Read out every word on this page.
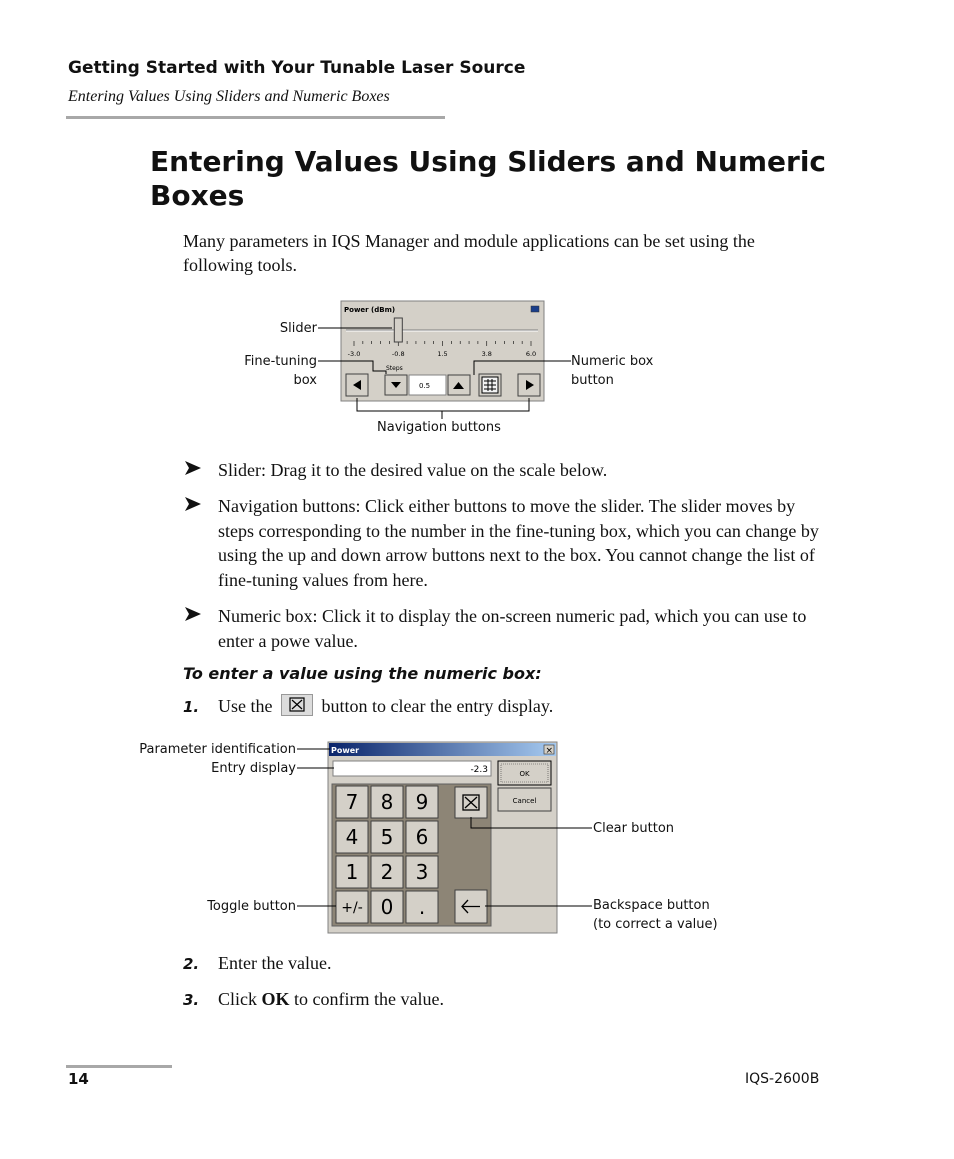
Getting Started with Your Tunable Laser Source
Entering Values Using Sliders and Numeric Boxes
Entering Values Using Sliders and Numeric Boxes
Many parameters in IQS Manager and module applications can be set using the following tools.
Power (dBm)
-3.0	-0.8	1.5	3.8	6.0
Steps
0.5
Slider
Fine-tuning
box
Numeric box
button
Navigation buttons
Slider: Drag it to the desired value on the scale below.
Navigation buttons: Click either buttons to move the slider. The slider moves by steps corresponding to the number in the fine-tuning box, which you can change by using the up and down arrow buttons next to the box. You cannot change the list of fine-tuning values from here.
Numeric box: Click it to display the on-screen numeric pad, which you can use to enter a powe value.
To enter a value using the numeric box:
1. Use the	button to clear the entry display.
Power	×
-2.3	OK
Cancel
7 8 9
4 5 6
1 2 3
+/- 0 .
Parameter identification
Entry display
Clear button
Toggle button	Backspace button
(to correct a value)
2. Enter the value.
3. Click OK to confirm the value.
14	IQS-2600B
